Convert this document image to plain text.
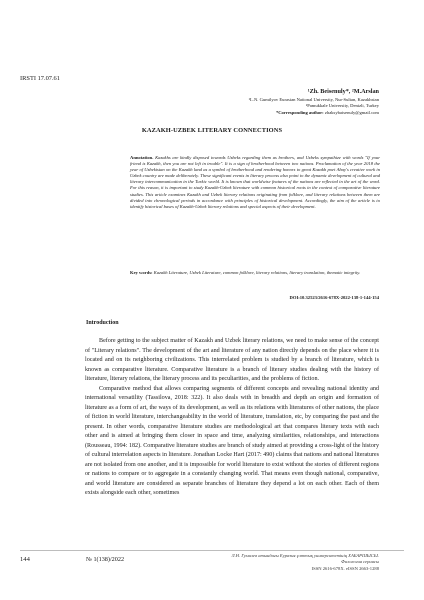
IRSTI 17.07.61
¹Zh. Beisenuly*, ²M.Arslan
¹L.N. Gumilyov Eurasian National University, Nur-Sultan, Kazakhstan
²Pamukkale University, Denizli, Turkey
*Corresponding author: zhaksybaisenuly@gmail.com
KAZAKH-UZBEK LITERARY CONNECTIONS
Annotation. Kazakhs are kindly disposed towards Uzbeks regarding them as brothers, and Uzbeks sympathize with words "If your friend is Kazakh, then you are not left in trouble". It is a sign of brotherhood between two nations. Proclamation of the year 2018 the year of Uzbekistan on the Kazakh land as a symbol of brotherhood and rendering honors to great Kazakh poet Abay's creative work in Uzbek country are made deliberately. These significant events in literary process also point to the dynamic development of cultural and literary intercommunication in the Turkic world. It is known that worldwise features of the nations are reflected in the art of the word. For this reason, it is important to study Kazakh-Uzbek literature with common historical roots in the context of comparative literature studies. This article examines Kazakh and Uzbek literary relations originating from folklore, and literary relations between them are divided into chronological periods in accordance with principles of historical development. Accordingly, the aim of the article is to identify historical bases of Kazakh-Uzbek literary relations and special aspects of their development.
Key words: Kazakh Literature, Uzbek Literature, common folklore, literary relations, literary translation, thematic integrity.
DOI:10.32523/2616-678X-2022-138-1-144-154
Introduction

Before getting to the subject matter of Kazakh and Uzbek literary relations, we need to make sense of the concept of "Literary relations". The development of the art and literature of any nation directly depends on the place where it is located and on its neighboring civilizations. This interrelated problem is studied by a branch of literature, which is known as comparative literature. Comparative literature is a branch of literary studies dealing with the history of literature, literary relations, the literary process and its peculiarities, and the problems of fiction.

Comparative method that allows comparing segments of different concepts and revealing national identity and international versatility (Tassilova, 2018: 322). It also deals with in breadth and depth an origin and formation of literature as a form of art, the ways of its development, as well as its relations with literatures of other nations, the place of fiction in world literature, interchangeability in the world of literature, translation, etc, by comparing the past and the present. In other words, comparative literature studies are methodological art that compares literary texts with each other and is aimed at bringing them closer in space and time, analyzing similarities, relationships, and interactions (Rousseau, 1994: 182). Comparative literature studies are branch of study aimed at providing a cross-light of the history of cultural interrelation aspects in literature. Jonathan Locke Hart (2017: 490) claims that nations and national literatures are not isolated from one another, and it is impossible for world literature to exist without the stories of different regions or nations to compare or to aggregate in a constantly changing world. That means even though national, comparative, and world literature are considered as separate branches of literature they depend a lot on each other. Each of them exists alongside each other, sometimes

144	№ 1(138)/2022
Л.Н. Гумилев атындағы Еуразия ұлттық университетінің ХАБАРШЫСЫ.
Филология сериясы
ISSN 2616-678X. eISSN 2663-1288
